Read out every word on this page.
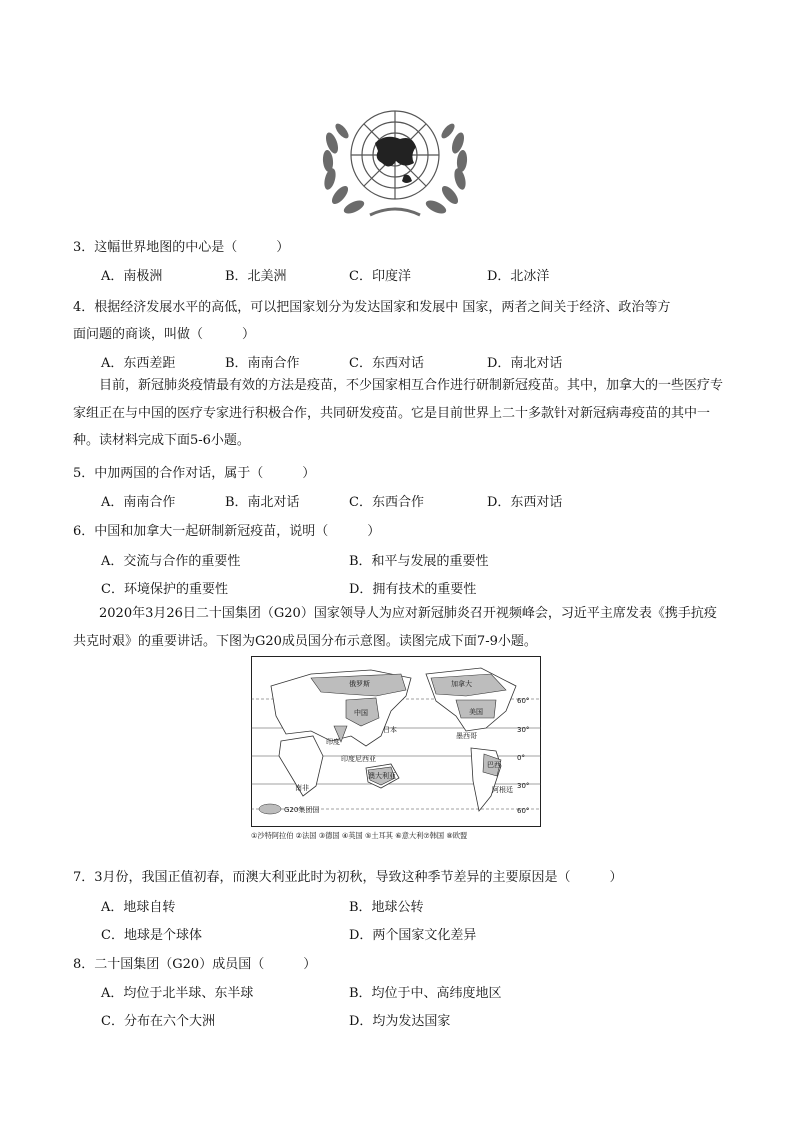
3．这幅世界地图的中心是（　　　）
A．南极洲	B．北美洲	C．印度洋	D．北冰洋
4．根据经济发展水平的高低，可以把国家划分为发达国家和发展中 国家，两者之间关于经济、政治等方
面问题的商谈，叫做（　　　）
A．东西差距	B．南南合作	C．东西对话	D．南北对话
目前，新冠肺炎疫情最有效的方法是疫苗，不少国家相互合作进行研制新冠疫苗。其中，加拿大的一些医疗专家组正在与中国的医疗专家进行积极合作，共同研发疫苗。它是目前世界上二十多款针对新冠病毒疫苗的其中一种。读材料完成下面5-6小题。
5．中加两国的合作对话，属于（　　　）
A．南南合作	B．南北对话	C．东西合作	D．东西对话
6．中国和加拿大一起研制新冠疫苗，说明（　　　）
A．交流与合作的重要性	B．和平与发展的重要性
C．环境保护的重要性	D．拥有技术的重要性
2020年3月26日二十国集团（G20）国家领导人为应对新冠肺炎召开视频峰会，习近平主席发表《携手抗疫 共克时艰》的重要讲话。下图为G20成员国分布示意图。读图完成下面7-9小题。
俄罗斯
中国
日本
印度
印度尼西亚
澳大利亚
南非
加拿大
美国
墨西哥
巴西
阿根廷
60°
30°
0°
30°
60°
G20集团国
①沙特阿拉伯 ②法国 ③德国 ④英国 ⑤土耳其 ⑥意大利⑦韩国 ⑧欧盟
7．3月份，我国正值初春，而澳大利亚此时为初秋，导致这种季节差异的主要原因是（　　　）
A．地球自转	B．地球公转
C．地球是个球体	D．两个国家文化差异
8．二十国集团（G20）成员国（　　　）
A．均位于北半球、东半球	B．均位于中、高纬度地区
C．分布在六个大洲	D．均为发达国家
